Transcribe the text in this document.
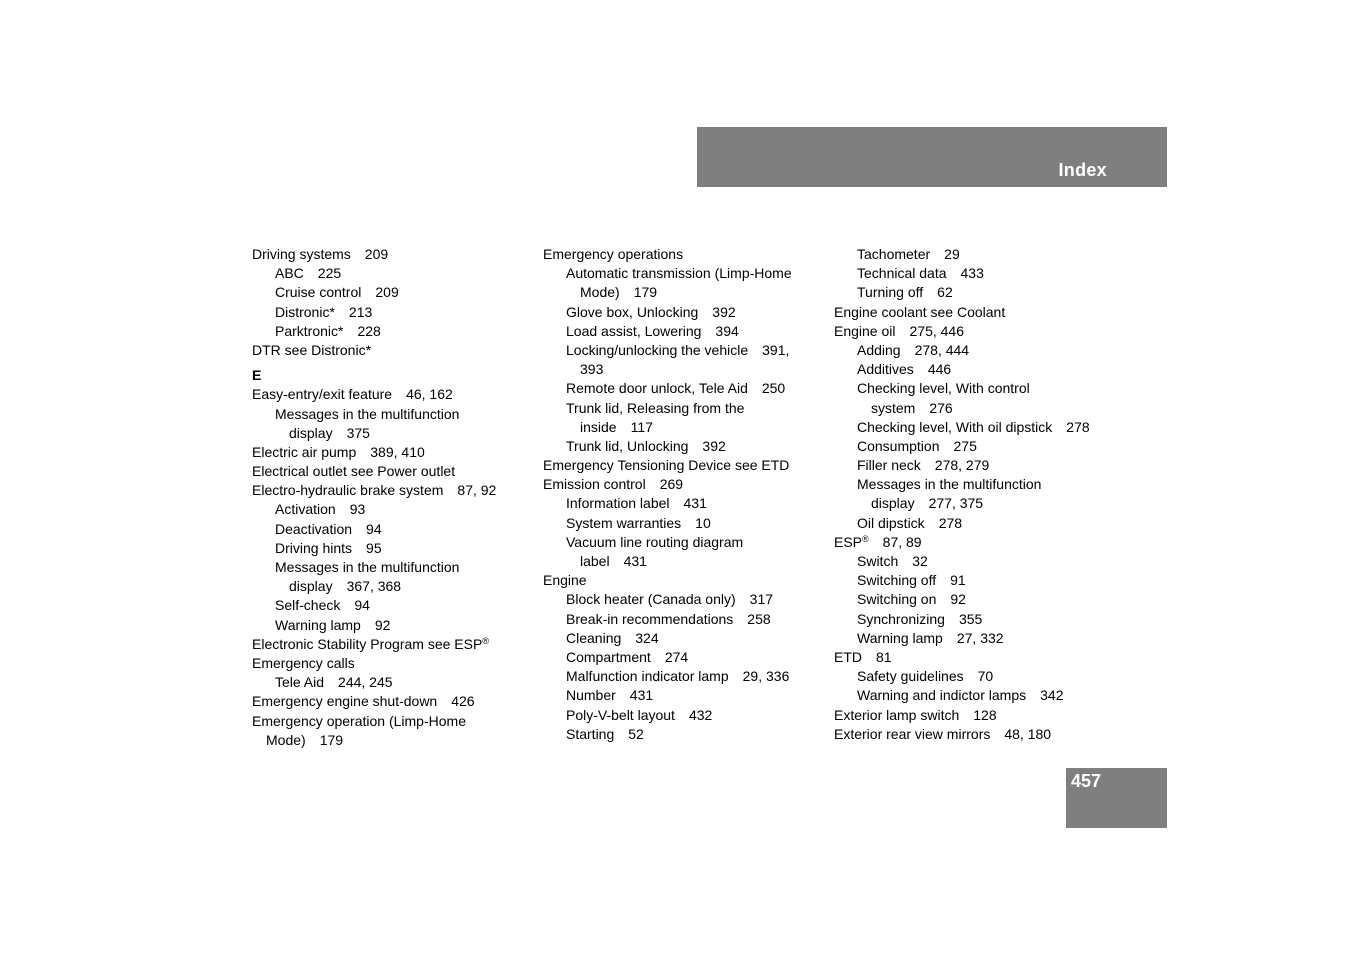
Index
Driving systems 209
ABC 225
Cruise control 209
Distronic* 213
Parktronic* 228
DTR see Distronic*
E
Easy-entry/exit feature 46, 162
Messages in the multifunction
display 375
Electric air pump 389, 410
Electrical outlet see Power outlet
Electro-hydraulic brake system 87, 92
Activation 93
Deactivation 94
Driving hints 95
Messages in the multifunction
display 367, 368
Self-check 94
Warning lamp 92
Electronic Stability Program see ESP®
Emergency calls
Tele Aid 244, 245
Emergency engine shut-down 426
Emergency operation (Limp-Home
Mode) 179
Emergency operations
Automatic transmission (Limp-Home
Mode) 179
Glove box, Unlocking 392
Load assist, Lowering 394
Locking/unlocking the vehicle 391,
393
Remote door unlock, Tele Aid 250
Trunk lid, Releasing from the
inside 117
Trunk lid, Unlocking 392
Emergency Tensioning Device see ETD
Emission control 269
Information label 431
System warranties 10
Vacuum line routing diagram
label 431
Engine
Block heater (Canada only) 317
Break-in recommendations 258
Cleaning 324
Compartment 274
Malfunction indicator lamp 29, 336
Number 431
Poly-V-belt layout 432
Starting 52
Tachometer 29
Technical data 433
Turning off 62
Engine coolant see Coolant
Engine oil 275, 446
Adding 278, 444
Additives 446
Checking level, With control
system 276
Checking level, With oil dipstick 278
Consumption 275
Filler neck 278, 279
Messages in the multifunction
display 277, 375
Oil dipstick 278
ESP® 87, 89
Switch 32
Switching off 91
Switching on 92
Synchronizing 355
Warning lamp 27, 332
ETD 81
Safety guidelines 70
Warning and indictor lamps 342
Exterior lamp switch 128
Exterior rear view mirrors 48, 180
457
